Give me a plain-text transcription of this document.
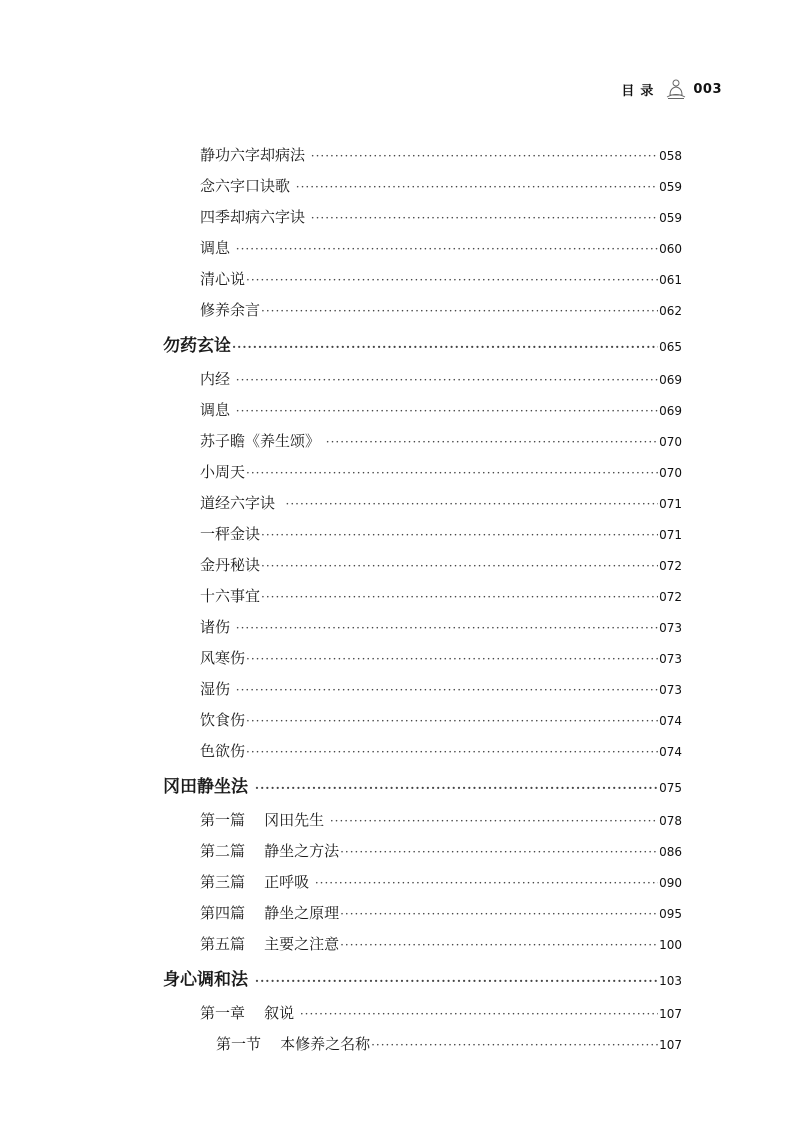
目录	003
静功六字却病法 ·····	058
念六字口诀歌 ·····	059
四季却病六字诀 ·····	059
调息 ·····	060
清心说 ·····	061
修养余言 ·····	062
勿药玄诠 ·····	065
内经 ·····	069
调息 ·····	069
苏子瞻《养生颂》 ·····	070
小周天 ·····	070
道经六字诀 ·····	071
一秤金诀 ·····	071
金丹秘诀 ·····	072
十六事宜 ·····	072
诸伤 ·····	073
风寒伤 ·····	073
湿伤 ·····	073
饮食伤 ·····	074
色欲伤 ·····	074
冈田静坐法 ·····	075
第一篇    冈田先生 ·····	078
第二篇    静坐之方法 ·····	086
第三篇    正呼吸 ·····	090
第四篇    静坐之原理 ·····	095
第五篇    主要之注意 ·····	100
身心调和法 ·····	103
第一章    叙说 ·····	107
第一节    本修养之名称 ·····	107
